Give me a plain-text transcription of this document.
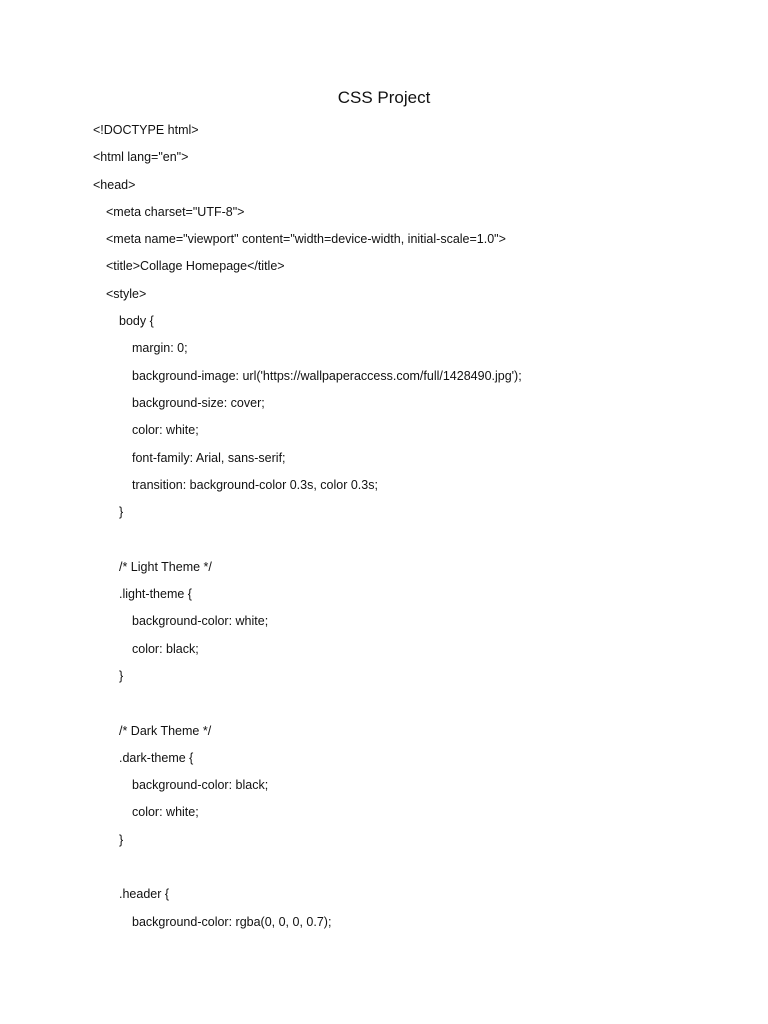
CSS Project
<!DOCTYPE html>
<html lang="en">
<head>
<meta charset="UTF-8">
<meta name="viewport" content="width=device-width, initial-scale=1.0">
<title>Collage Homepage</title>
<style>
body {
margin: 0;
background-image: url('https://wallpaperaccess.com/full/1428490.jpg');
background-size: cover;
color: white;
font-family: Arial, sans-serif;
transition: background-color 0.3s, color 0.3s;
}
/* Light Theme */
.light-theme {
background-color: white;
color: black;
}
/* Dark Theme */
.dark-theme {
background-color: black;
color: white;
}
.header {
background-color: rgba(0, 0, 0, 0.7);
